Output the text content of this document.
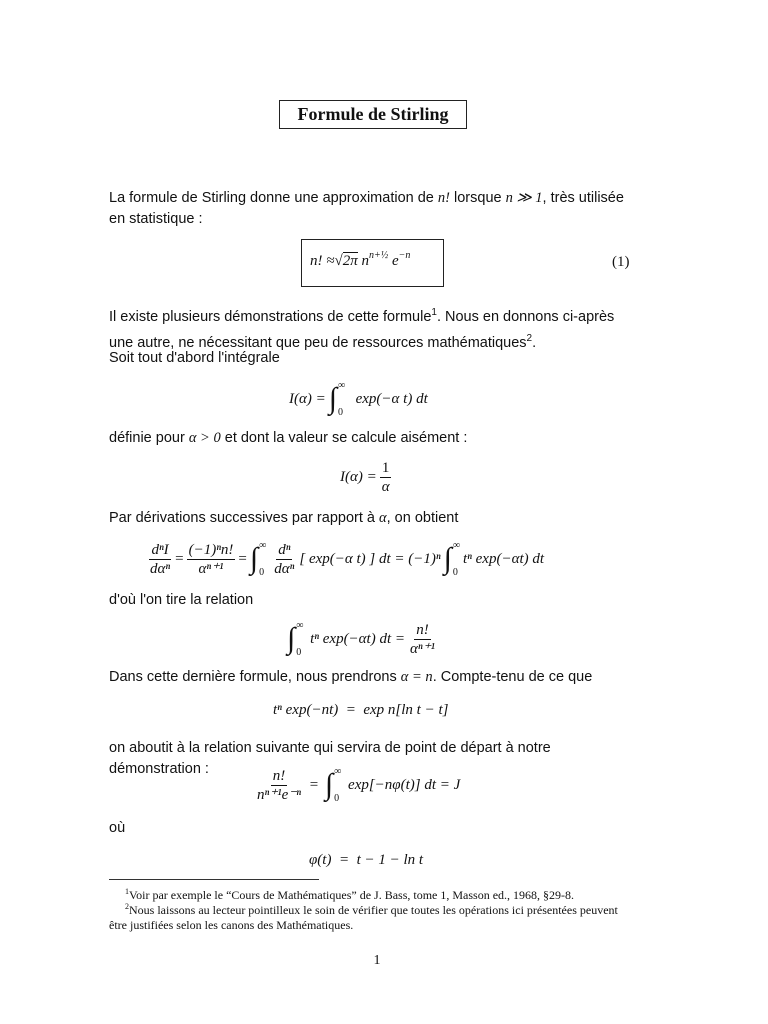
Formule de Stirling
La formule de Stirling donne une approximation de n! lorsque n ≫ 1, très utilisée en statistique :
n! ≈ √ 2π
$n^{n+\frac{1}{2}}$
$e^{-n}$	(1)
Il existe plusieurs démonstrations de cette formule$^1$. Nous en donnons ci-après une autre, ne nécessitant que peu de ressources mathématiques$^2$.
Soit tout d'abord l'intégrale
I(α) = ∫ ∞
0

exp(−α t) dt
définie pour α > 0 et dont la valeur se calcule aisément :
$I(\alpha) = \frac{1}{\alpha}$
Par dérivations successives par rapport à α, on obtient
$\frac{\text{dⁿI}}{\text{dαⁿ}} = \frac{\text{(−1)ⁿn!}}{\text{αⁿ⁺¹}}$ = ∫ ∞
$0 \frac{\text{dⁿ}}{\text{dαⁿ}}$ [ exp(−α t) ] dt = (−1)ⁿ ∫ ∞
0
tⁿ exp(−αt) dt
d'où l'on tire la relation
∫ ∞
0

tⁿ exp(−αt) dt = $\frac{n!}{\text{αⁿ⁺¹}}$
Dans cette dernière formule, nous prendrons α = n. Compte-tenu de ce que
tⁿ exp(−nt)  =  exp n[ln t − t]
on aboutit à la relation suivante qui servira de point de départ à notre démonstration :	$\frac{n!}{\text{nⁿ⁺¹e⁻ⁿ}}$
=
∫ ∞
0

exp[−nφ(t)] dt = J
où
φ(t)  =  t − 1 − ln t
$^1$Voir par exemple le “Cours de Mathématiques” de J. Bass, tome 1, Masson ed., 1968, §29-8.
$^2$Nous laissons au lecteur pointilleux le soin de vérifier que toutes les opérations ici présentées peuvent être justifiées selon les canons des Mathématiques.
1
